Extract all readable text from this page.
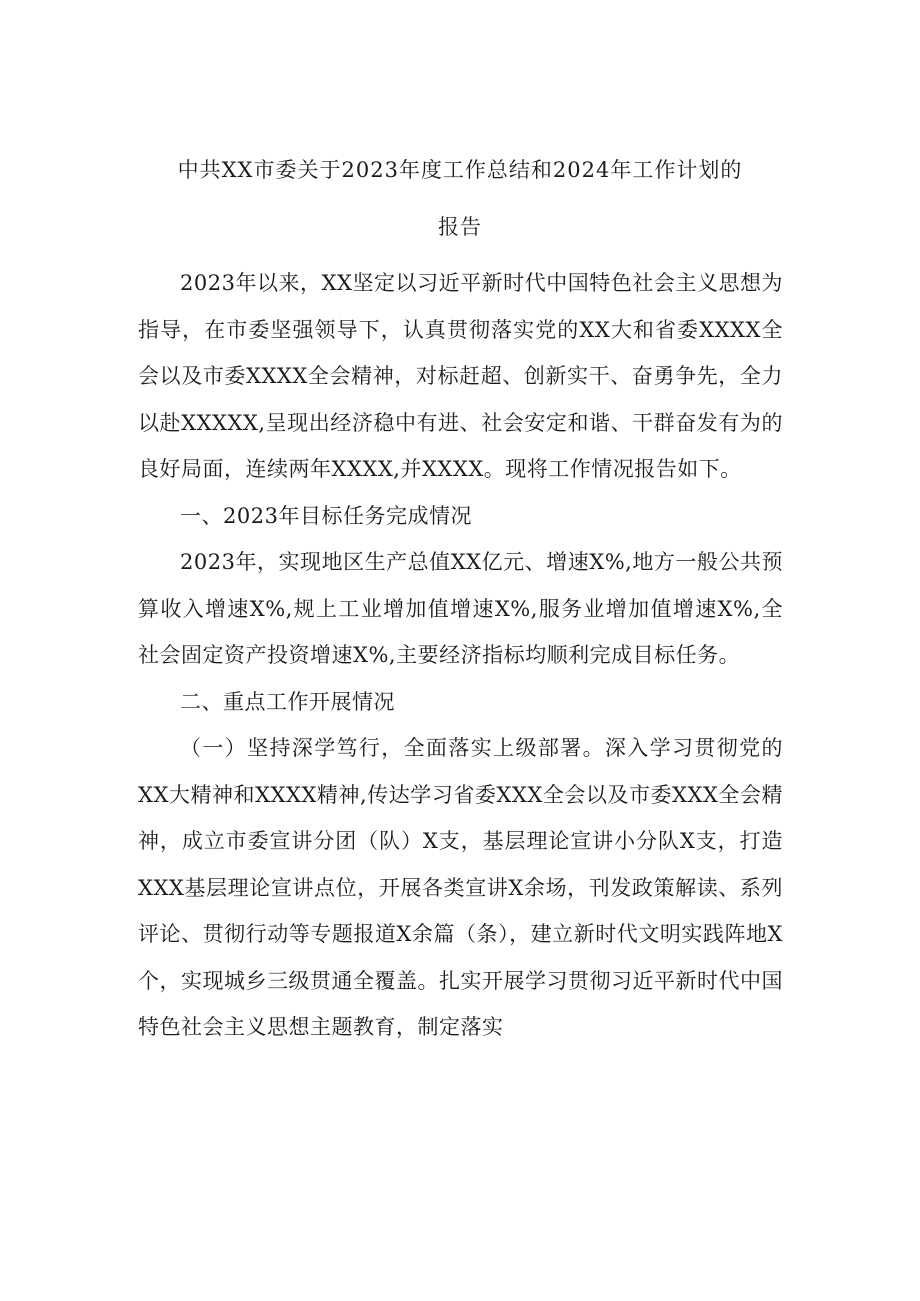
中共XX市委关于2023年度工作总结和2024年工作计划的
报告

2023年以来，XX坚定以习近平新时代中国特色社会主义思想为指导，在市委坚强领导下，认真贯彻落实党的XX大和省委XXXX全会以及市委XXXX全会精神，对标赶超、创新实干、奋勇争先，全力以赴XXXXX,呈现出经济稳中有进、社会安定和谐、干群奋发有为的良好局面，连续两年XXXX,并XXXX。现将工作情况报告如下。

一、2023年目标任务完成情况

2023年，实现地区生产总值XX亿元、增速X%,地方一般公共预算收入增速X%,规上工业增加值增速X%,服务业增加值增速X%,全社会固定资产投资增速X%,主要经济指标均顺利完成目标任务。

二、重点工作开展情况

（一）坚持深学笃行，全面落实上级部署。深入学习贯彻党的XX大精神和XXXX精神,传达学习省委XXX全会以及市委XXX全会精神，成立市委宣讲分团（队）X支，基层理论宣讲小分队X支，打造XXX基层理论宣讲点位，开展各类宣讲X余场，刊发政策解读、系列评论、贯彻行动等专题报道X余篇（条），建立新时代文明实践阵地X个，实现城乡三级贯通全覆盖。扎实开展学习贯彻习近平新时代中国特色社会主义思想主题教育，制定落实
